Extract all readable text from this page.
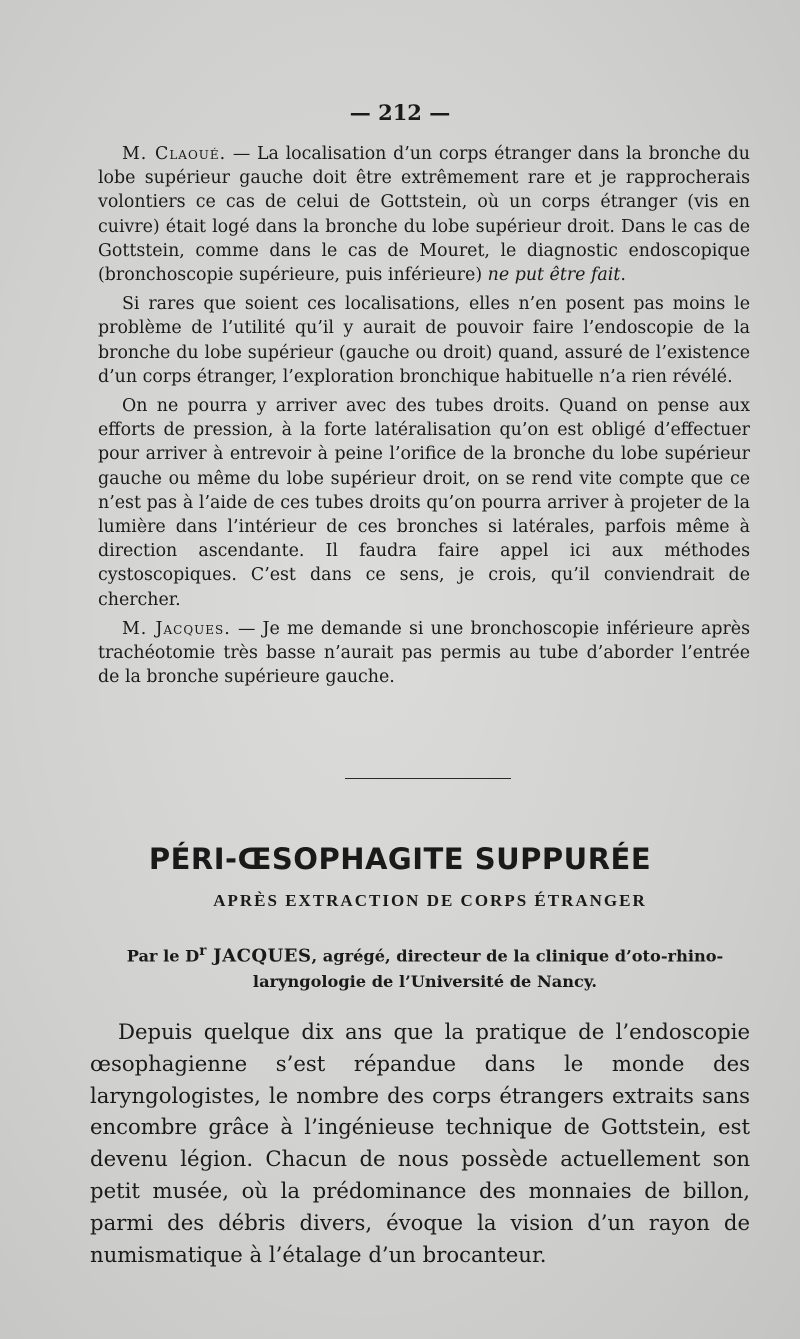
— 212 —

M. Claoué. — La localisation d’un corps étranger dans la bronche du lobe supérieur gauche doit être extrêmement rare et je rapprocherais volontiers ce cas de celui de Gottstein, où un corps étranger (vis en cuivre) était logé dans la bronche du lobe supérieur droit. Dans le cas de Gottstein, comme dans le cas de Mouret, le diagnostic endoscopique (bronchoscopie supérieure, puis inférieure) ne put être fait.

Si rares que soient ces localisations, elles n’en posent pas moins le problème de l’utilité qu’il y aurait de pouvoir faire l’endoscopie de la bronche du lobe supérieur (gauche ou droit) quand, assuré de l’existence d’un corps étranger, l’exploration bronchique habituelle n’a rien révélé.

On ne pourra y arriver avec des tubes droits. Quand on pense aux efforts de pression, à la forte latéralisation qu’on est obligé d’effectuer pour arriver à entrevoir à peine l’orifice de la bronche du lobe supérieur gauche ou même du lobe supérieur droit, on se rend vite compte que ce n’est pas à l’aide de ces tubes droits qu’on pourra arriver à projeter de la lumière dans l’intérieur de ces bronches si latérales, parfois même à direction ascendante. Il faudra faire appel ici aux méthodes cystoscopiques. C’est dans ce sens, je crois, qu’il conviendrait de chercher.

M. Jacques. — Je me demande si une bronchoscopie inférieure après trachéotomie très basse n’aurait pas permis au tube d’aborder l’entrée de la bronche supérieure gauche.

PÉRI-ŒSOPHAGITE SUPPURÉE
APRÈS EXTRACTION DE CORPS ÉTRANGER
Par le $D^r$ JACQUES, agrégé, directeur de la clinique d’oto-rhino-laryngologie de l’Université de Nancy.

Depuis quelque dix ans que la pratique de l’endoscopie œsophagienne s’est répandue dans le monde des laryngologistes, le nombre des corps étrangers extraits sans encombre grâce à l’ingénieuse technique de Gottstein, est devenu légion. Chacun de nous possède actuellement son petit musée, où la prédominance des monnaies de billon, parmi des débris divers, évoque la vision d’un rayon de numismatique à l’étalage d’un brocanteur.
